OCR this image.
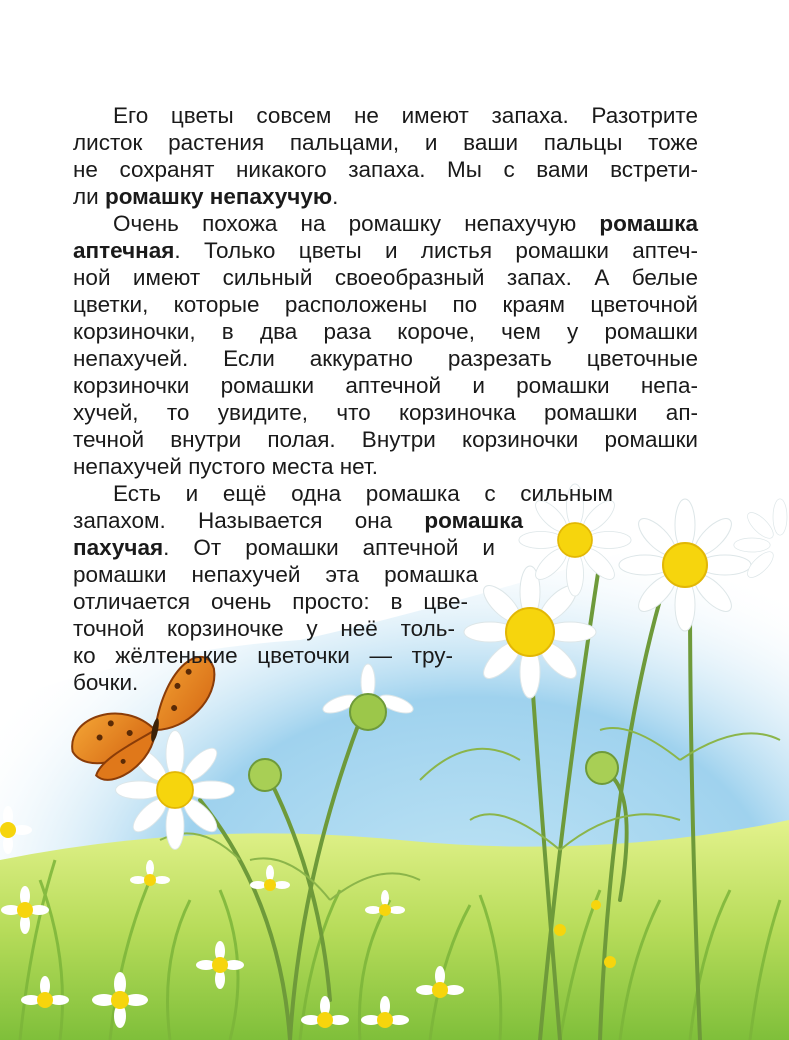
Его цветы совсем не имеют запаха. Разотрите
листок растения пальцами, и ваши пальцы тоже
не сохранят никакого запаха. Мы с вами встрети-
ли ромашку непахучую.
Очень похожа на ромашку непахучую ромашка
аптечная. Только цветы и листья ромашки аптеч-
ной имеют сильный своеобразный запах. А белые
цветки, которые расположены по краям цветочной
корзиночки, в два раза короче, чем у ромашки
непахучей. Если аккуратно разрезать цветочные
корзиночки ромашки аптечной и ромашки непа-
хучей, то увидите, что корзиночка ромашки ап-
течной внутри полая. Внутри корзиночки ромашки
непахучей пустого места нет.
Есть и ещё одна ромашка с сильным
запахом. Называется она ромашка
пахучая. От ромашки аптечной и
ромашки непахучей эта ромашка
отличается очень просто: в цве-
точной корзиночке у неё толь-
ко жёлтенькие цветочки — тру-
бочки.
